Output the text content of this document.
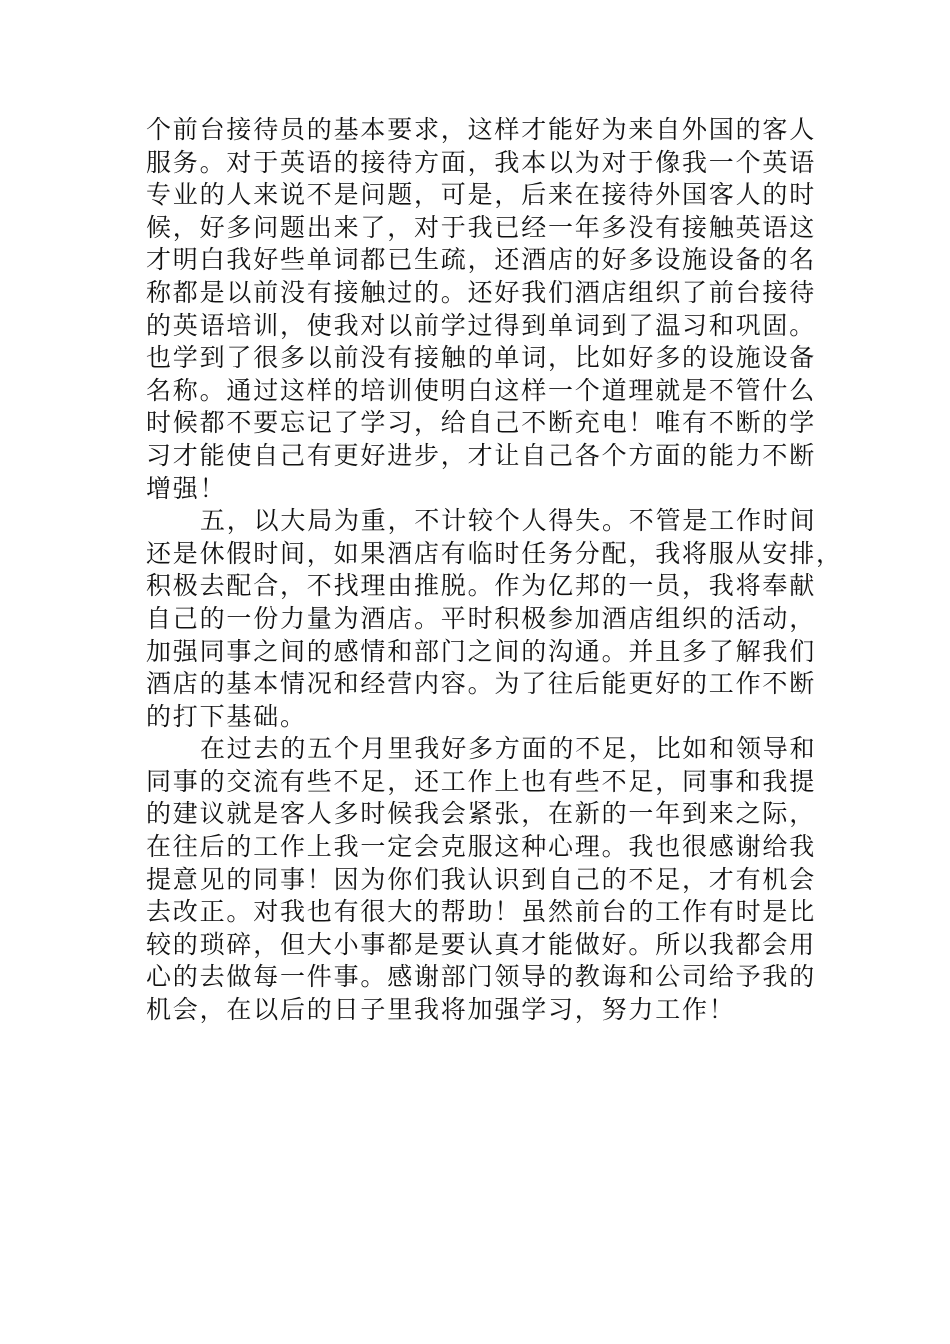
个前台接待员的基本要求，这样才能好为来自外国的客人
服务。对于英语的接待方面，我本以为对于像我一个英语
专业的人来说不是问题，可是，后来在接待外国客人的时
候，好多问题出来了，对于我已经一年多没有接触英语这
才明白我好些单词都已生疏，还酒店的好多设施设备的名
称都是以前没有接触过的。还好我们酒店组织了前台接待
的英语培训，使我对以前学过得到单词到了温习和巩固。
也学到了很多以前没有接触的单词，比如好多的设施设备
名称。通过这样的培训使明白这样一个道理就是不管什么
时候都不要忘记了学习，给自己不断充电！唯有不断的学
习才能使自己有更好进步，才让自己各个方面的能力不断
增强！
五，以大局为重，不计较个人得失。不管是工作时间
还是休假时间，如果酒店有临时任务分配，我将服从安排，
积极去配合，不找理由推脱。作为亿邦的一员，我将奉献
自己的一份力量为酒店。平时积极参加酒店组织的活动，
加强同事之间的感情和部门之间的沟通。并且多了解我们
酒店的基本情况和经营内容。为了往后能更好的工作不断
的打下基础。
在过去的五个月里我好多方面的不足，比如和领导和
同事的交流有些不足，还工作上也有些不足，同事和我提
的建议就是客人多时候我会紧张，在新的一年到来之际，
在往后的工作上我一定会克服这种心理。我也很感谢给我
提意见的同事！因为你们我认识到自己的不足，才有机会
去改正。对我也有很大的帮助！虽然前台的工作有时是比
较的琐碎，但大小事都是要认真才能做好。所以我都会用
心的去做每一件事。感谢部门领导的教诲和公司给予我的
机会，在以后的日子里我将加强学习，努力工作！
